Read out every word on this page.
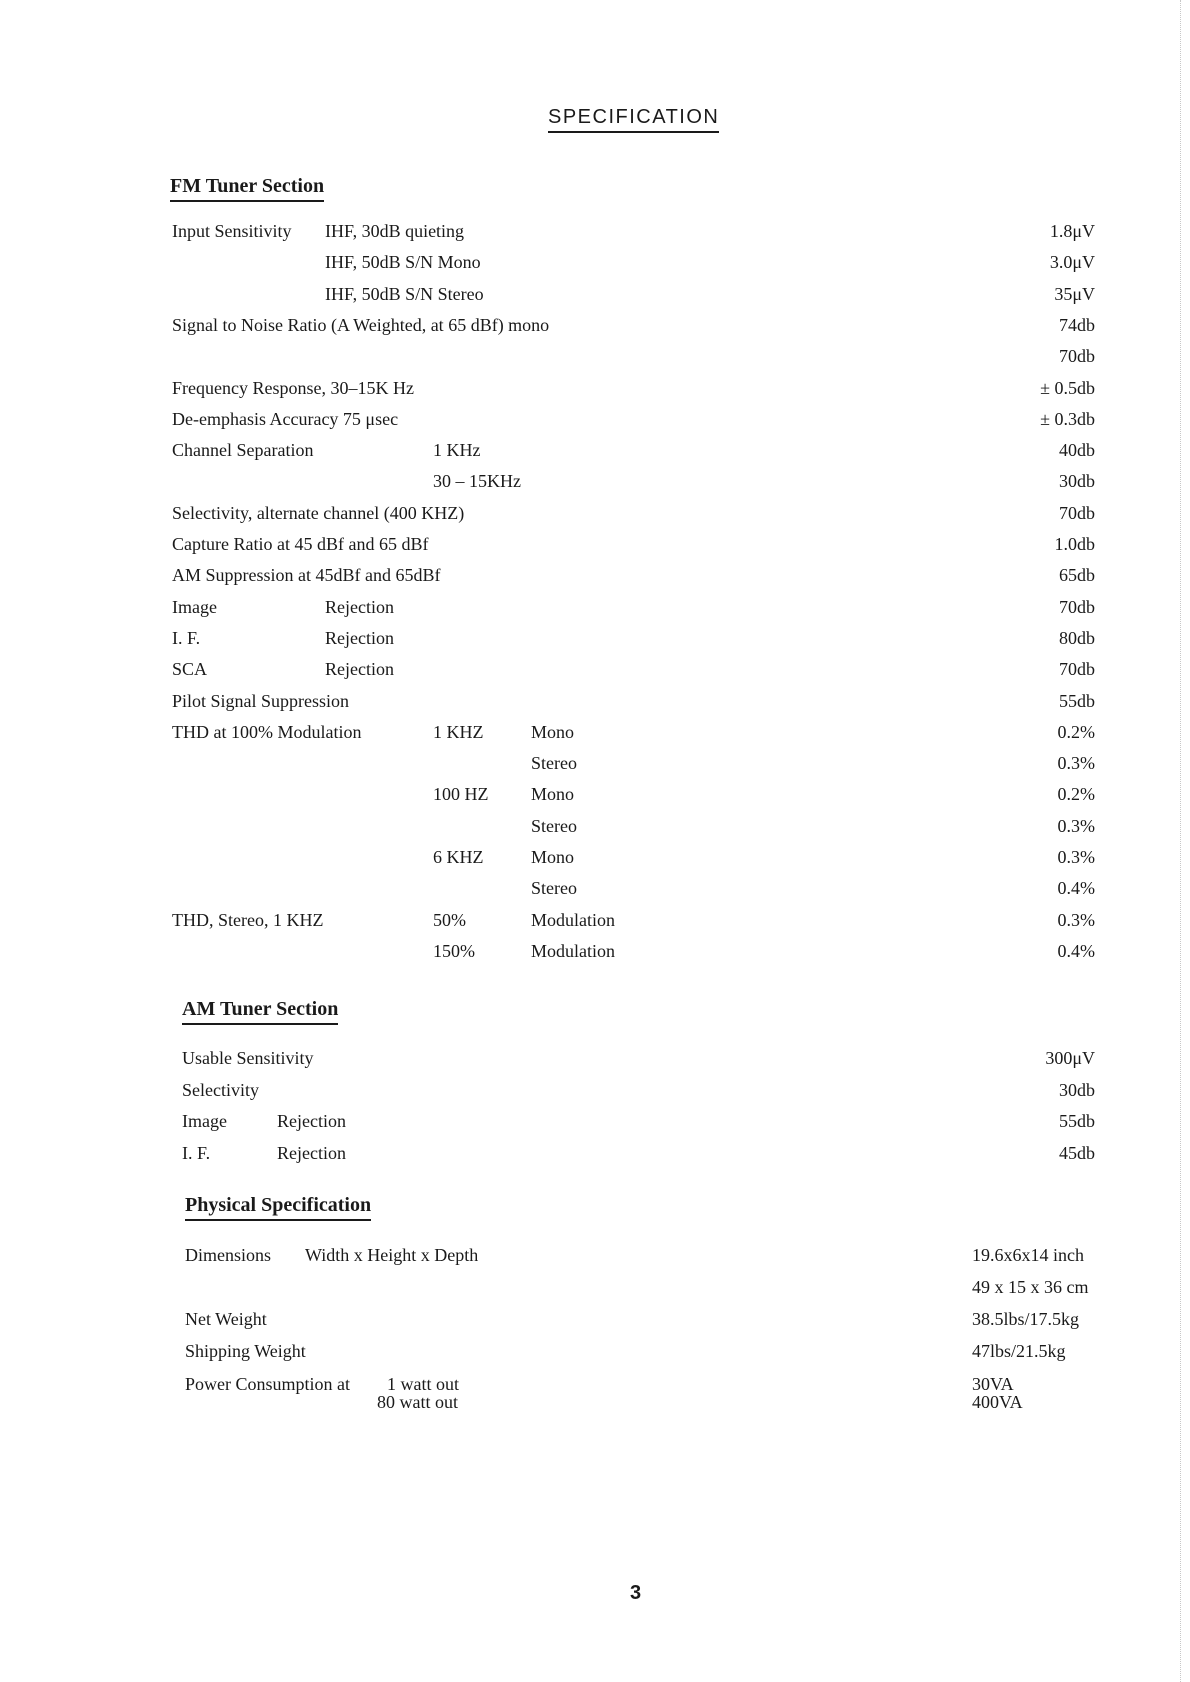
SPECIFICATION
FM Tuner Section
Input Sensitivity IHF, 30dB quieting	1.8μV
IHF, 50dB S/N Mono	3.0μV
IHF, 50dB S/N Stereo	35μV
Signal to Noise Ratio (A Weighted, at 65 dBf) mono	74db
70db
Frequency Response, 30–15K Hz	± 0.5db
De-emphasis Accuracy 75 μsec	± 0.3db
Channel Separation	1 KHz	40db
30 – 15KHz	30db
Selectivity, alternate channel (400 KHZ)	70db
Capture Ratio at 45 dBf and 65 dBf	1.0db
AM Suppression at 45dBf and 65dBf	65db
Image	Rejection	70db
I. F.	Rejection	80db
SCA	Rejection	70db
Pilot Signal Suppression	55db
THD at 100% Modulation	1 KHZ	Mono	0.2%
Stereo	0.3%
100 HZ Mono	0.2%
Stereo	0.3%
6 KHZ	Mono	0.3%
Stereo	0.4%
THD, Stereo, 1 KHZ	50%	Modulation	0.3%
150%	Modulation	0.4%
AM Tuner Section
Usable Sensitivity	300μV
Selectivity	30db
Image	Rejection	55db
I. F.	Rejection	45db
Physical Specification
Dimensions Width x Height x Depth	19.6x6x14 inch
49 x 15 x 36 cm
Net Weight	38.5lbs/17.5kg
Shipping Weight	47lbs/21.5kg
Power Consumption at 1 watt out	30VA
80 watt out	400VA
3
